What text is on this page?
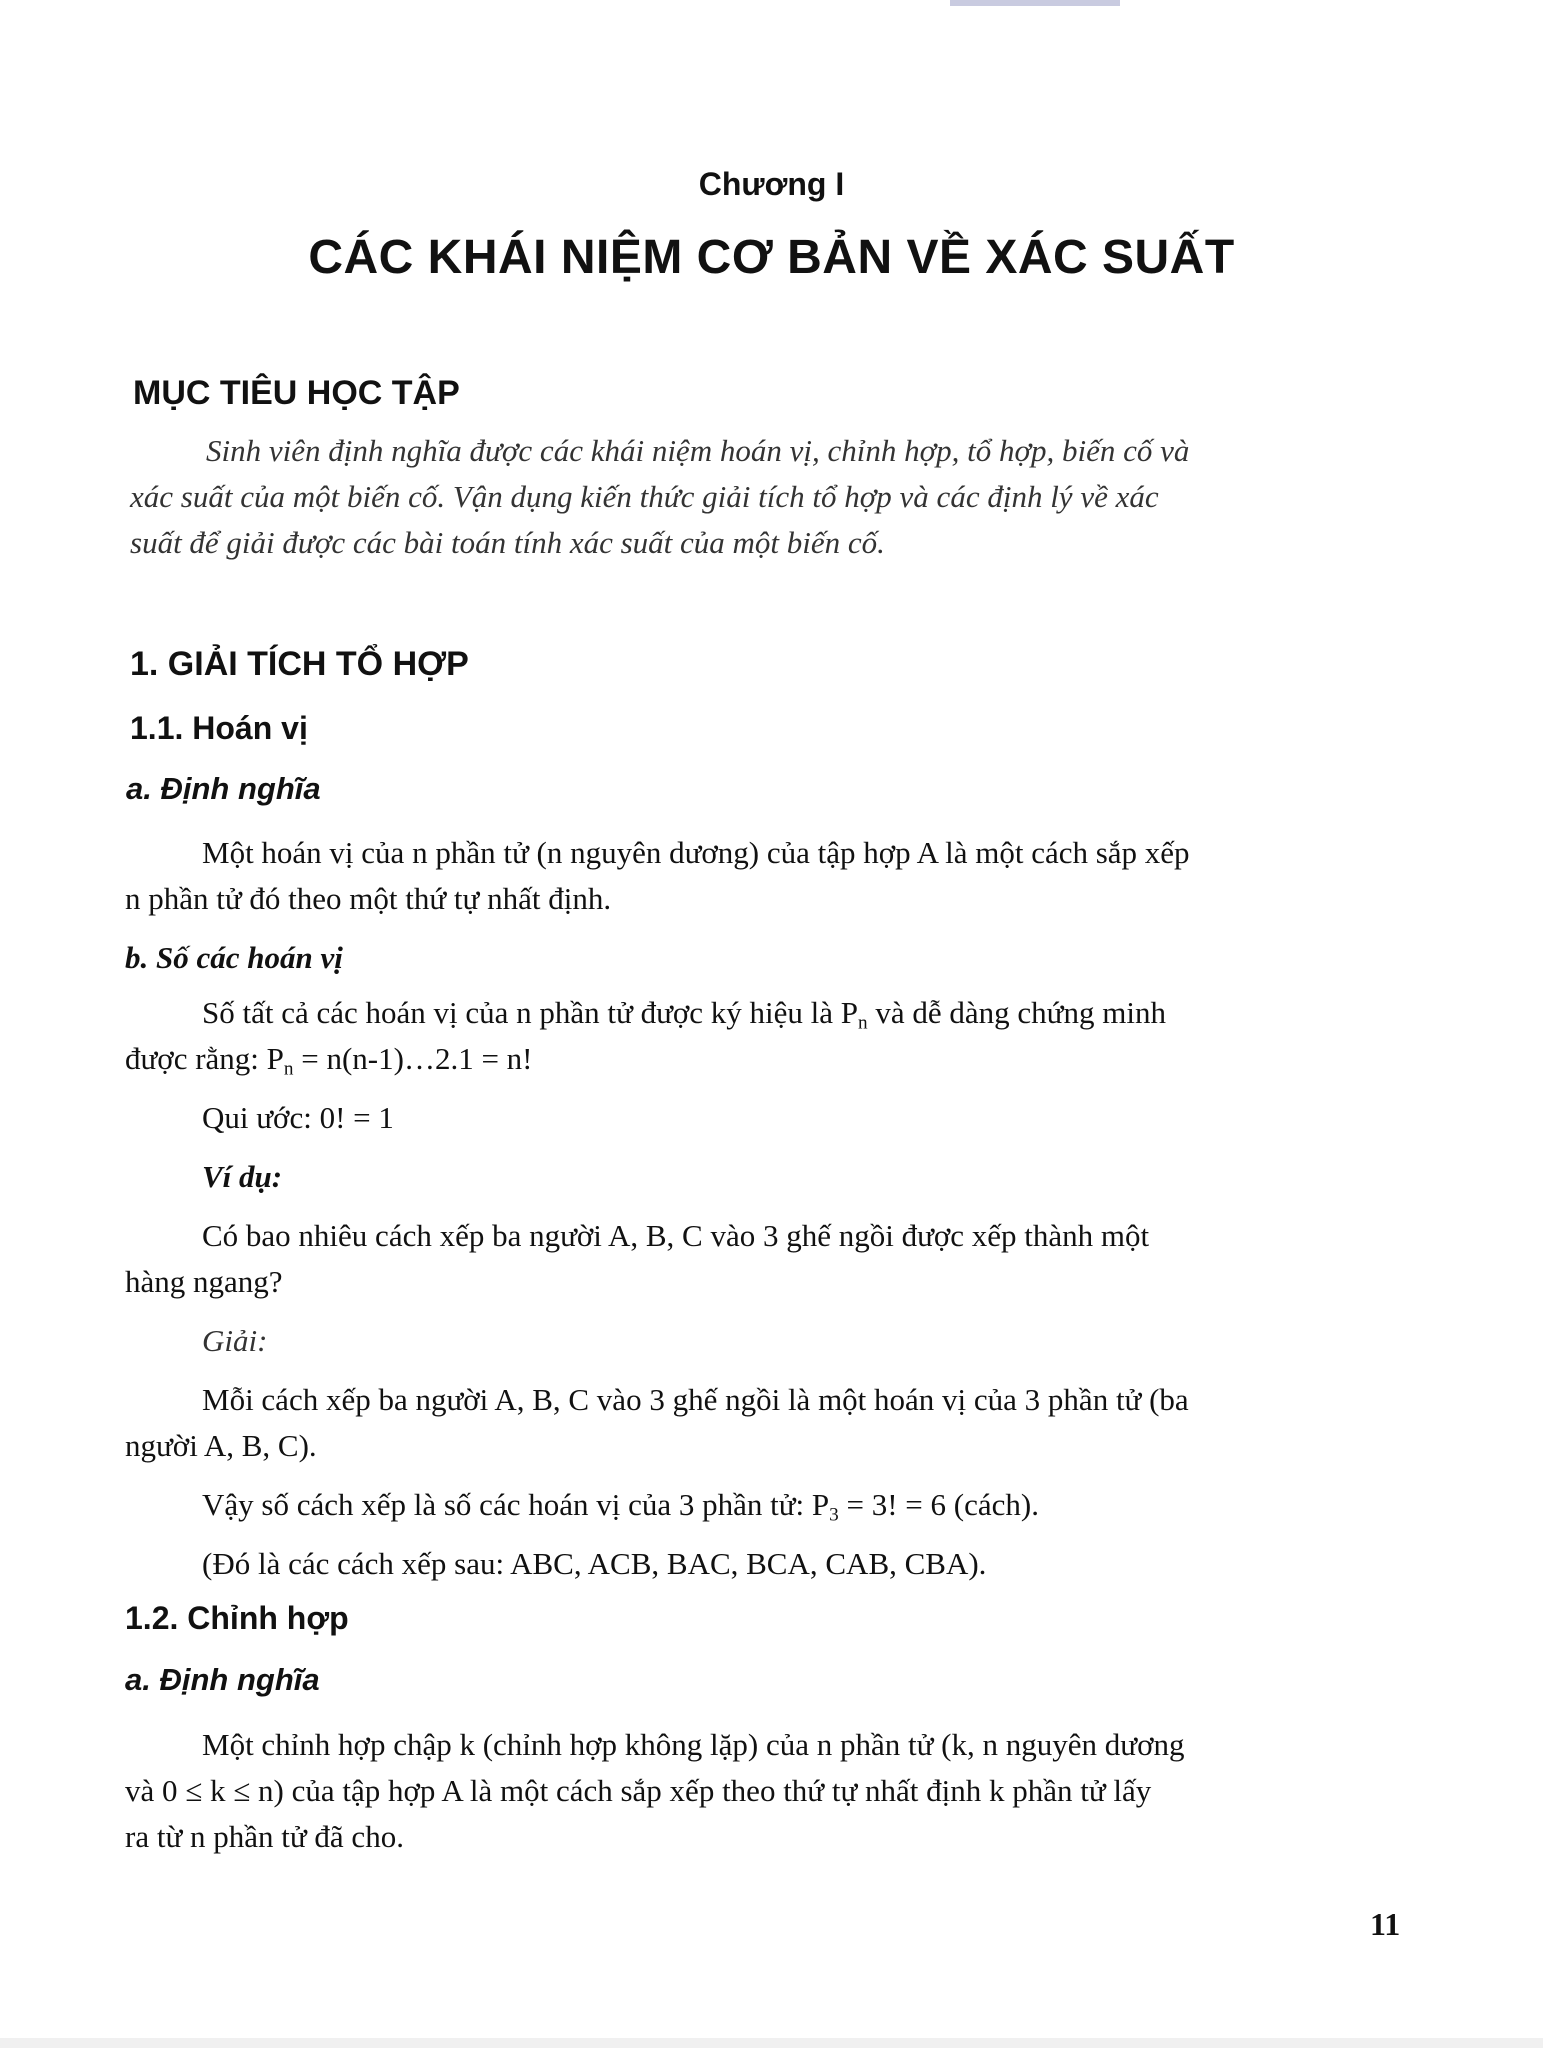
Chương I
CÁC KHÁI NIỆM CƠ BẢN VỀ XÁC SUẤT
MỤC TIÊU HỌC TẬP

Sinh viên định nghĩa được các khái niệm hoán vị, chỉnh hợp, tổ hợp, biến cố và

xác suất của một biến cố. Vận dụng kiến thức giải tích tổ hợp và các định lý về xác

suất để giải được các bài toán tính xác suất của một biến cố.

1. GIẢI TÍCH TỔ HỢP
1.1. Hoán vị
a. Định nghĩa
Một hoán vị của n phần tử (n nguyên dương) của tập hợp A là một cách sắp xếp
n phần tử đó theo một thứ tự nhất định.
b. Số các hoán vị
Số tất cả các hoán vị của n phần tử được ký hiệu là $P_n$ và dễ dàng chứng minh
được rằng: $P_n$ = n(n-1)…2.1 = n!
Qui ước: 0! = 1
Ví dụ:
Có bao nhiêu cách xếp ba người A, B, C vào 3 ghế ngồi được xếp thành một
hàng ngang?
Giải:
Mỗi cách xếp ba người A, B, C vào 3 ghế ngồi là một hoán vị của 3 phần tử (ba
người A, B, C).
Vậy số cách xếp là số các hoán vị của 3 phần tử: $P_3 = 3$! = 6 (cách).
(Đó là các cách xếp sau: ABC, ACB, BAC, BCA, CAB, CBA).
1.2. Chỉnh hợp
a. Định nghĩa
Một chỉnh hợp chập k (chỉnh hợp không lặp) của n phần tử (k, n nguyên dương
và 0 ≤ k ≤ n) của tập hợp A là một cách sắp xếp theo thứ tự nhất định k phần tử lấy
ra từ n phần tử đã cho.
11
